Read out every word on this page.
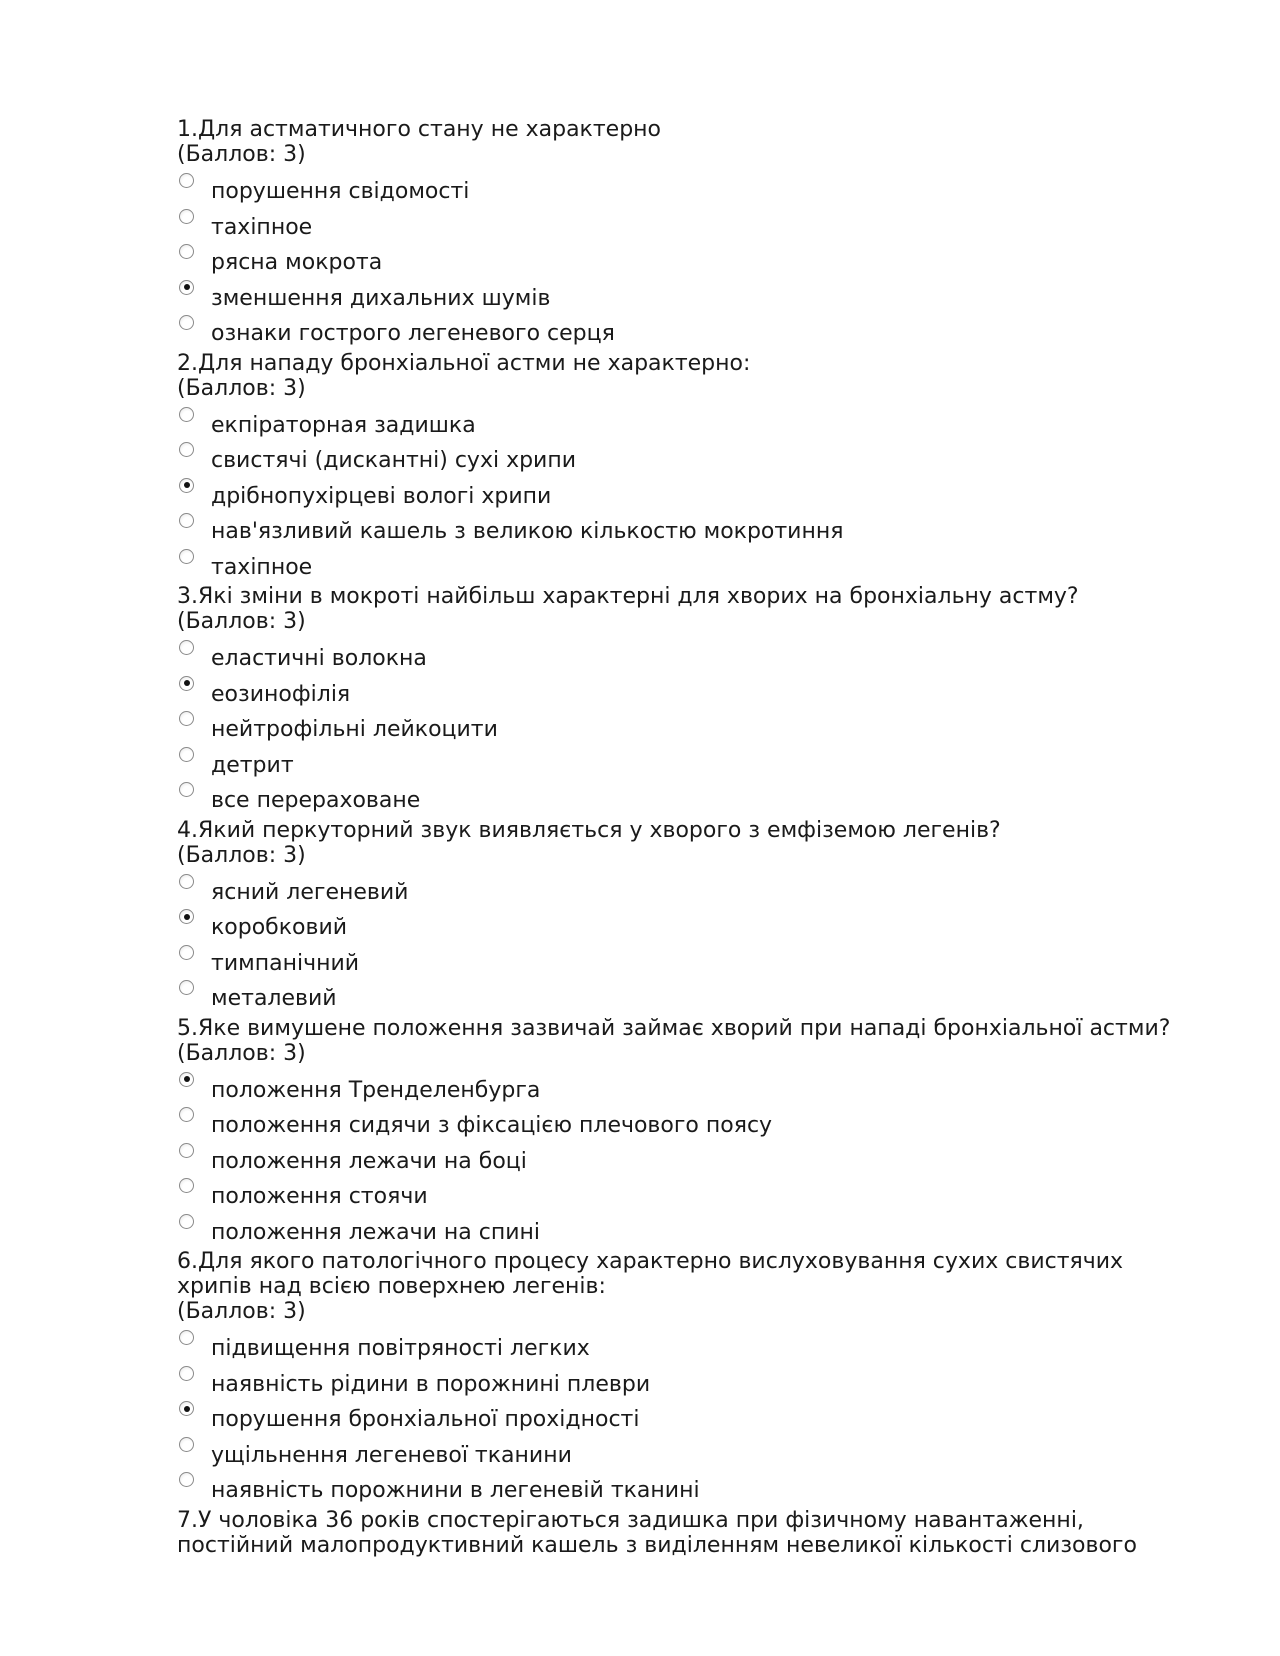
1.Для астматичного стану не характерно

(Баллов: 3)

порушення свідомості
тахіпное
рясна мокрота
зменшення дихальних шумів
ознаки гострого легеневого серця

2.Для нападу бронхіальної астми не характерно:

(Баллов: 3)

екпіраторная задишка
свистячі (дискантні) сухі хрипи
дрібнопухірцеві вологі хрипи
нав'язливий кашель з великою кількостю мокротиння
тахіпное

3.Які зміни в мокроті найбільш характерні для хворих на бронхіальну астму?

(Баллов: 3)

еластичні волокна
еозинофілія
нейтрофільні лейкоцити
детрит
все перераховане

4.Який перкуторний звук виявляється у хворого з емфіземою легенів?

(Баллов: 3)

ясний легеневий
коробковий
тимпанічний
металевий

5.Яке вимушене положення зазвичай займає хворий при нападі бронхіальної астми?

(Баллов: 3)

положення Тренделенбурга
положення сидячи з фіксацією плечового поясу
положення лежачи на боці
положення стоячи
положення лежачи на спині

6.Для якого патологічного процесу характерно вислуховування сухих свистячих
хрипів над всією поверхнею легенів:

(Баллов: 3)

підвищення повітряності легких
наявність рідини в порожнині плеври
порушення бронхіальної прохідності
ущільнення легеневої тканини
наявність порожнини в легеневій тканині

7.У чоловіка 36 років спостерігаються задишка при фізичному навантаженні,
постійний малопродуктивний кашель з виділенням невеликої кількості слизового
